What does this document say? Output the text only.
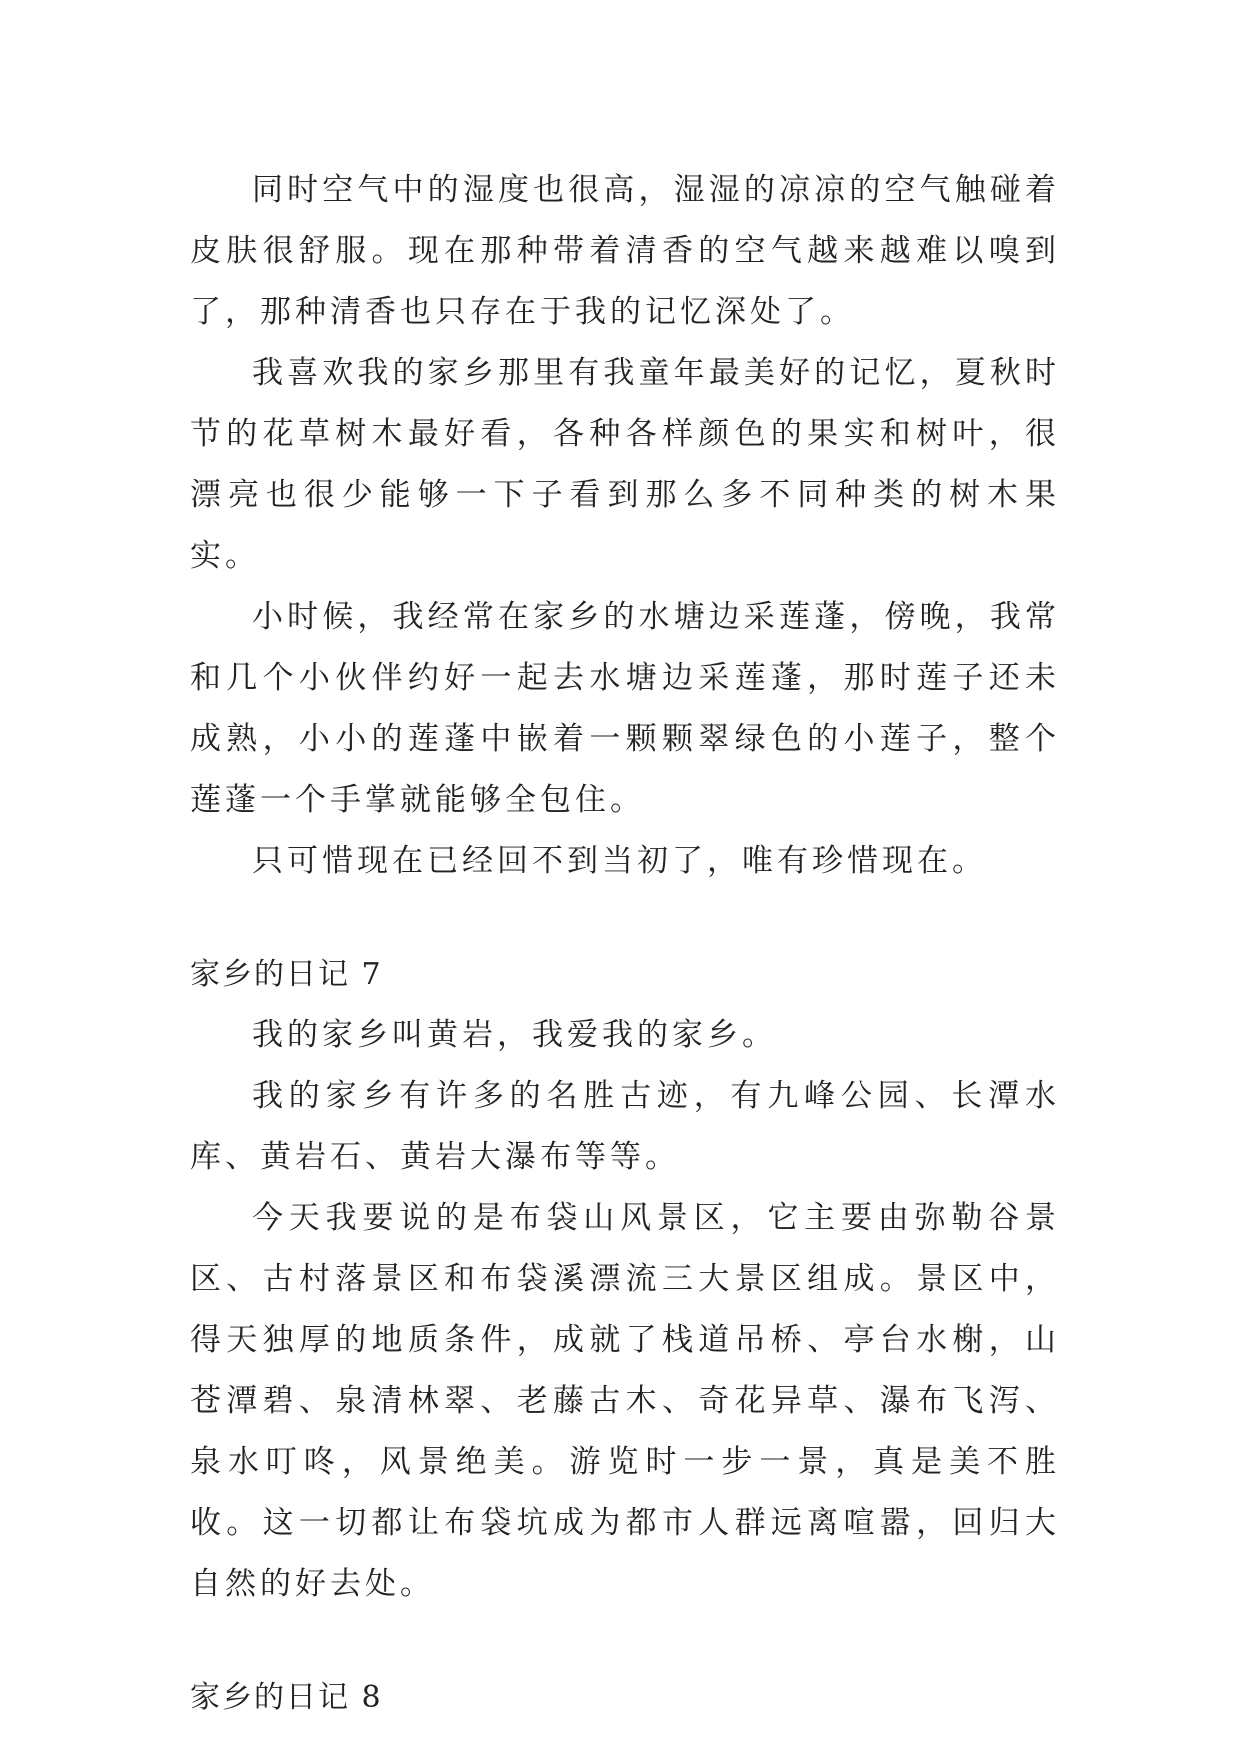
同时空气中的湿度也很高，湿湿的凉凉的空气触碰着皮肤很舒服。现在那种带着清香的空气越来越难以嗅到了，那种清香也只存在于我的记忆深处了。

我喜欢我的家乡那里有我童年最美好的记忆，夏秋时节的花草树木最好看，各种各样颜色的果实和树叶，很漂亮也很少能够一下子看到那么多不同种类的树木果实。

小时候，我经常在家乡的水塘边采莲蓬，傍晚，我常和几个小伙伴约好一起去水塘边采莲蓬，那时莲子还未成熟，小小的莲蓬中嵌着一颗颗翠绿色的小莲子，整个莲蓬一个手掌就能够全包住。

只可惜现在已经回不到当初了，唯有珍惜现在。

家乡的日记 7

我的家乡叫黄岩，我爱我的家乡。

我的家乡有许多的名胜古迹，有九峰公园、长潭水库、黄岩石、黄岩大瀑布等等。

今天我要说的是布袋山风景区，它主要由弥勒谷景区、古村落景区和布袋溪漂流三大景区组成。景区中，得天独厚的地质条件，成就了栈道吊桥、亭台水榭，山苍潭碧、泉清林翠、老藤古木、奇花异草、瀑布飞泻、泉水叮咚，风景绝美。游览时一步一景，真是美不胜收。这一切都让布袋坑成为都市人群远离喧嚣，回归大自然的好去处。

家乡的日记 8
